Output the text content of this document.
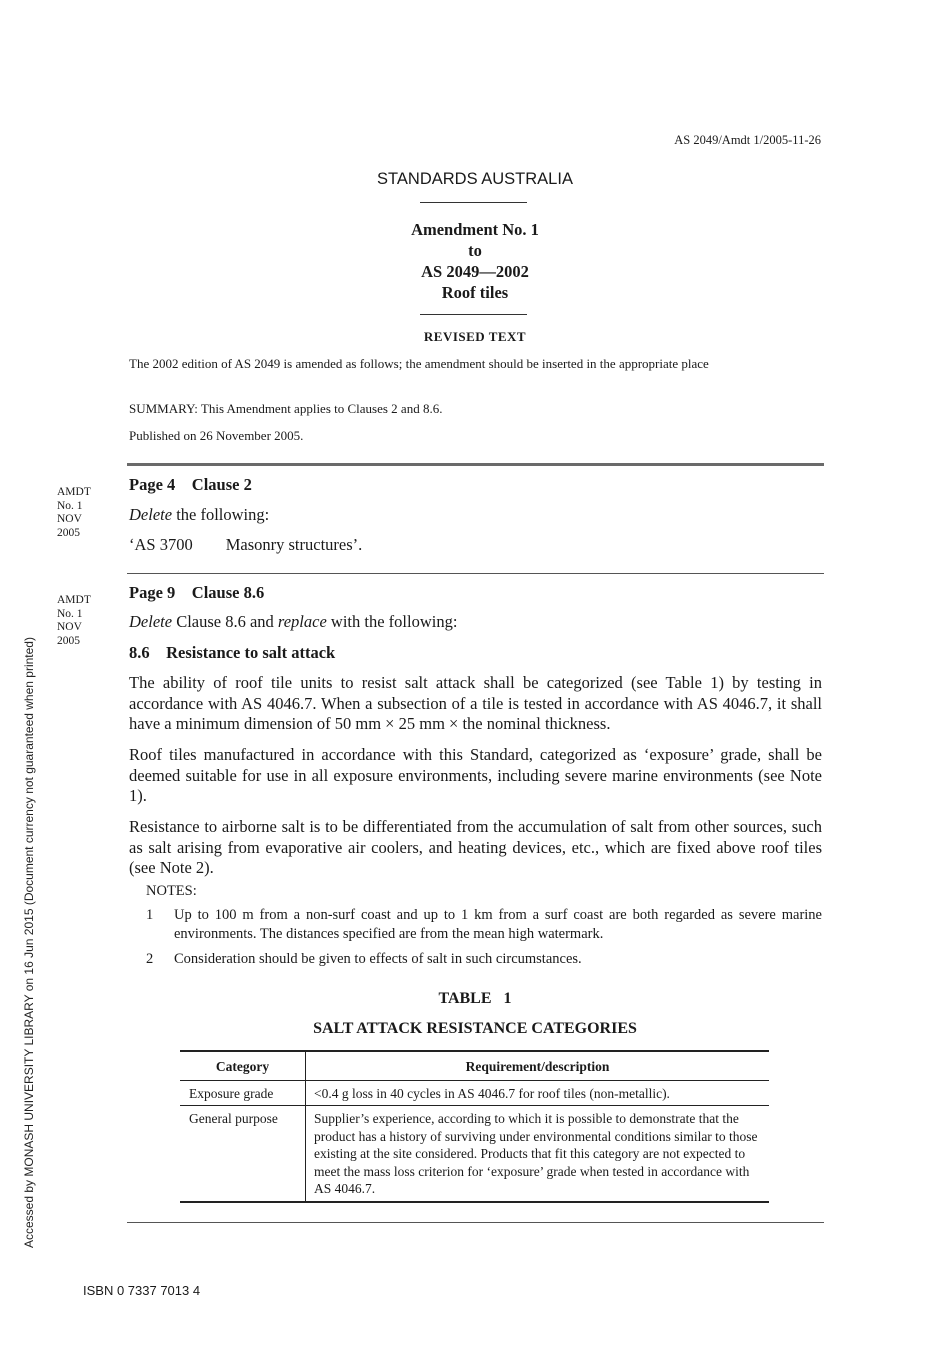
AS 2049/Amdt 1/2005-11-26
STANDARDS AUSTRALIA
Amendment No. 1
to
AS 2049—2002
Roof tiles
REVISED TEXT
The 2002 edition of AS 2049 is amended as follows; the amendment should be inserted in the appropriate place
SUMMARY: This Amendment applies to Clauses 2 and 8.6.
Published on 26 November 2005.
AMDT
No. 1
NOV
2005
Page 4 Clause 2
Delete the following:
‘AS 3700  Masonry structures’.
AMDT
No. 1
NOV
2005
Page 9 Clause 8.6
Delete Clause 8.6 and replace with the following:
8.6 Resistance to salt attack
The ability of roof tile units to resist salt attack shall be categorized (see Table 1) by testing in accordance with AS 4046.7. When a subsection of a tile is tested in accordance with AS 4046.7, it shall have a minimum dimension of 50 mm × 25 mm × the nominal thickness.
Roof tiles manufactured in accordance with this Standard, categorized as ‘exposure’ grade, shall be deemed suitable for use in all exposure environments, including severe marine environments (see Note 1).
Resistance to airborne salt is to be differentiated from the accumulation of salt from other sources, such as salt arising from evaporative air coolers, and heating devices, etc., which are fixed above roof tiles (see Note 2).
NOTES:
1 Up to 100 m from a non-surf coast and up to 1 km from a surf coast are both regarded as severe marine environments. The distances specified are from the mean high watermark.
2 Consideration should be given to effects of salt in such circumstances.
TABLE   1
SALT ATTACK RESISTANCE CATEGORIES
Category	Requirement/description
Exposure grade	<0.4 g loss in 40 cycles in AS 4046.7 for roof tiles (non-metallic).
General purpose	Supplier’s experience, according to which it is possible to demonstrate that the product has a history of surviving under environmental conditions similar to those existing at the site considered. Products that fit this category are not expected to meet the mass loss criterion for ‘exposure’ grade when tested in accordance with AS 4046.7.
Accessed by MONASH UNIVERSITY LIBRARY on 16 Jun 2015 (Document currency not guaranteed when printed)
ISBN 0 7337 7013 4
